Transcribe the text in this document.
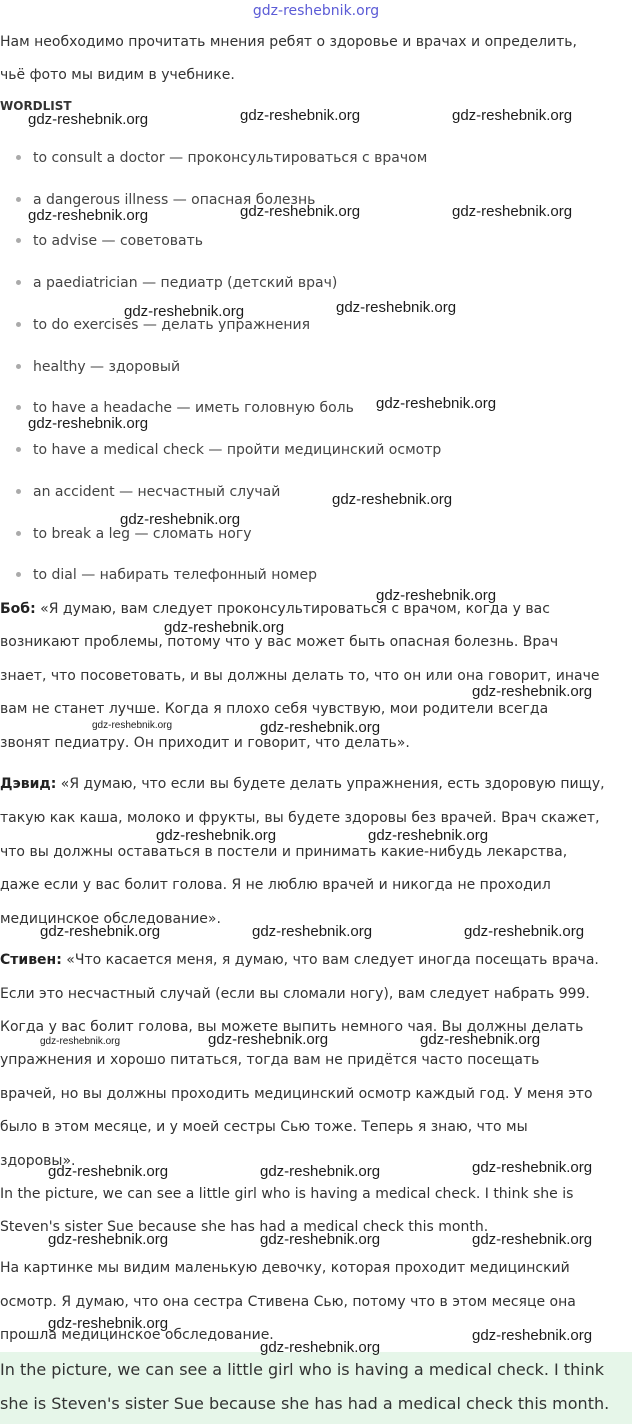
gdz-reshebnik.org

Нам необходимо прочитать мнения ребят о здоровье и врачах и определить,

чьё фото мы видим в учебнике.

WORDLIST
to consult a doctor — проконсультироваться с врачом
a dangerous illness — опасная болезнь
to advise — советовать
a paediatrician — педиатр (детский врач)
to do exercises — делать упражнения
healthy — здоровый
to have a headache — иметь головную боль
to have a medical check — пройти медицинский осмотр
an accident — несчастный случай
to break a leg — сломать ногу
to dial — набирать телефонный номер

Боб: «Я думаю, вам следует проконсультироваться с врачом, когда у вас

возникают проблемы, потому что у вас может быть опасная болезнь. Врач

знает, что посоветовать, и вы должны делать то, что он или она говорит, иначе

вам не станет лучше. Когда я плохо себя чувствую, мои родители всегда

звонят педиатру. Он приходит и говорит, что делать».

Дэвид: «Я думаю, что если вы будете делать упражнения, есть здоровую пищу,

такую как каша, молоко и фрукты, вы будете здоровы без врачей. Врач скажет,

что вы должны оставаться в постели и принимать какие-нибудь лекарства,

даже если у вас болит голова. Я не люблю врачей и никогда не проходил

медицинское обследование».

Стивен: «Что касается меня, я думаю, что вам следует иногда посещать врача.

Если это несчастный случай (если вы сломали ногу), вам следует набрать 999.

Когда у вас болит голова, вы можете выпить немного чая. Вы должны делать

упражнения и хорошо питаться, тогда вам не придётся часто посещать

врачей, но вы должны проходить медицинский осмотр каждый год. У меня это

было в этом месяце, и у моей сестры Сью тоже. Теперь я знаю, что мы

здоровы».

In the picture, we can see a little girl who is having a medical check. I think she is

Steven's sister Sue because she has had a medical check this month.

На картинке мы видим маленькую девочку, которая проходит медицинский

осмотр. Я думаю, что она сестра Стивена Сью, потому что в этом месяце она

прошла медицинское обследование.

In the picture, we can see a little girl who is having a medical check. I think
she is Steven's sister Sue because she has had a medical check this month.
gdz-reshebnik.org	gdz-reshebnik.org	gdz-reshebnik.org
gdz-reshebnik.org	gdz-reshebnik.org	gdz-reshebnik.org
gdz-reshebnik.org	gdz-reshebnik.org
gdz-reshebnik.org
gdz-reshebnik.org
gdz-reshebnik.org
gdz-reshebnik.org
gdz-reshebnik.org
gdz-reshebnik.org
gdz-reshebnik.org
gdz-reshebnik.org	gdz-reshebnik.org
gdz-reshebnik.org	gdz-reshebnik.org
gdz-reshebnik.org	gdz-reshebnik.org	gdz-reshebnik.org
gdz-reshebnik.org	gdz-reshebnik.org	gdz-reshebnik.org
gdz-reshebnik.org	gdz-reshebnik.org	gdz-reshebnik.org
gdz-reshebnik.org	gdz-reshebnik.org	gdz-reshebnik.org
gdz-reshebnik.org
gdz-reshebnik.org
gdz-reshebnik.org
